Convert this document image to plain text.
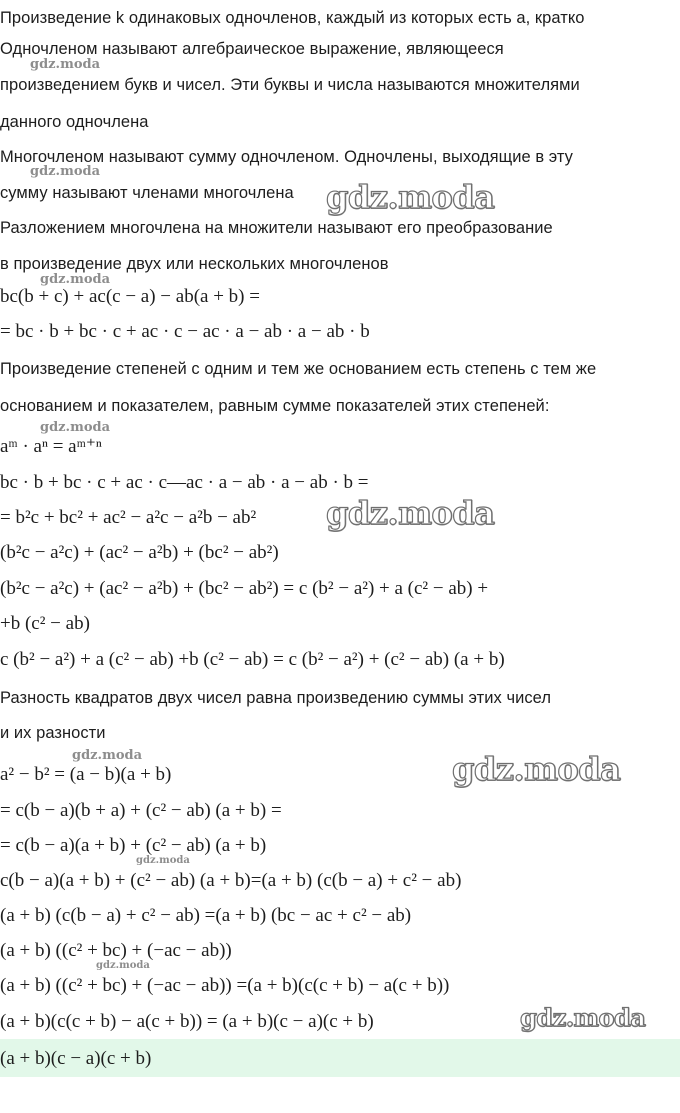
Произведение k одинаковых одночленов, каждый из которых есть a, кратко
Одночленом называют алгебраическое выражение, являющееся
произведением букв и чисел. Эти буквы и числа называются множителями
данного одночлена
Многочленом называют сумму одночленом. Одночлены, выходящие в эту
сумму называют членами многочлена
Разложением многочлена на множители называют его преобразование
в произведение двух или нескольких многочленов
bc(b + c) + ac(c − a) − ab(a + b) =
= bc · b + bc · c + ac · c − ac · a − ab · a − ab · b
Произведение степеней с одним и тем же основанием есть степень с тем же
основанием и показателем, равным сумме показателей этих степеней:
aᵐ · aⁿ = aᵐ⁺ⁿ
bc · b + bc · c + ac · c—ac · a − ab · a − ab · b =
= b²c + bc² + ac² − a²c − a²b − ab²
(b²c − a²c) + (ac² − a²b) + (bc² − ab²)
(b²c − a²c) + (ac² − a²b) + (bc² − ab²) = c (b² − a²) + a (c² − ab) +
+b (c² − ab)
c (b² − a²) + a (c² − ab) +b (c² − ab) = c (b² − a²) + (c² − ab) (a + b)
Разность квадратов двух чисел равна произведению суммы этих чисел
и их разности
a² − b² = (a − b)(a + b)
= c(b − a)(b + a) + (c² − ab) (a + b) =
= c(b − a)(a + b) + (c² − ab) (a + b)
c(b − a)(a + b) + (c² − ab) (a + b)=(a + b) (c(b − a) + c² − ab)
(a + b) (c(b − a) + c² − ab) =(a + b) (bc − ac + c² − ab)
(a + b) ((c² + bc) + (−ac − ab))
(a + b) ((c² + bc) + (−ac − ab)) =(a + b)(c(c + b) − a(c + b))
(a + b)(c(c + b) − a(c + b)) = (a + b)(c − a)(c + b)
(a + b)(c − a)(c + b)
gdz.moda
gdz.moda
gdz.moda
gdz.moda
gdz.moda
gdz.moda
gdz.moda	gdz.moda
gdz.moda
gdz.moda
gdz.moda
